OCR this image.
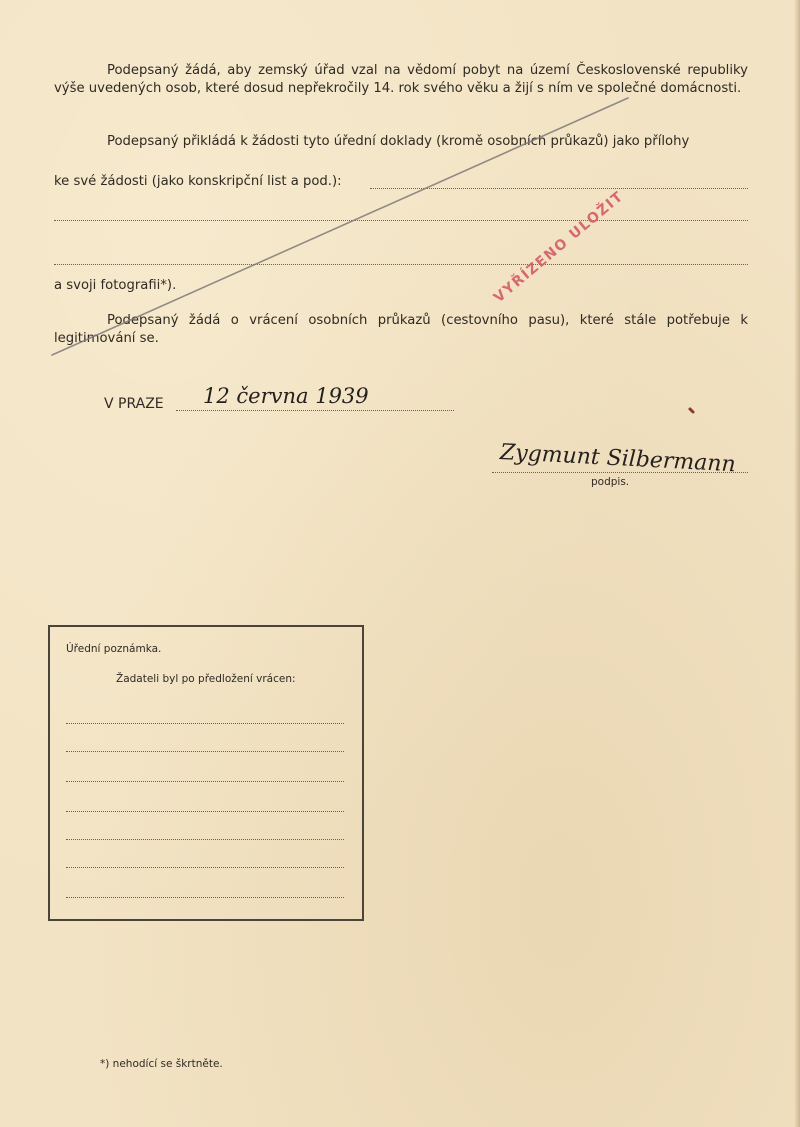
Podepsaný žádá, aby zemský úřad vzal na vědomí pobyt na území Československé republiky výše uvedených osob, které dosud nepřekročily 14. rok svého věku a žijí s ním ve společné domácnosti.
Podepsaný přikládá k žádosti tyto úřední doklady (kromě osobních průkazů) jako přílohy
ke své žádosti (jako konskripční list a pod.):
a svoji fotografii*).
Podepsaný žádá o vrácení osobních průkazů (cestovního pasu), které stále potřebuje k legitimování se.
V PRAZE 12 června 1939
Zygmunt Silbermann
podpis.
VYŘÍZENO ULOŽIT
Úřední poznámka.
Žadateli byl po předložení vrácen:
*) nehodící se škrtněte.
